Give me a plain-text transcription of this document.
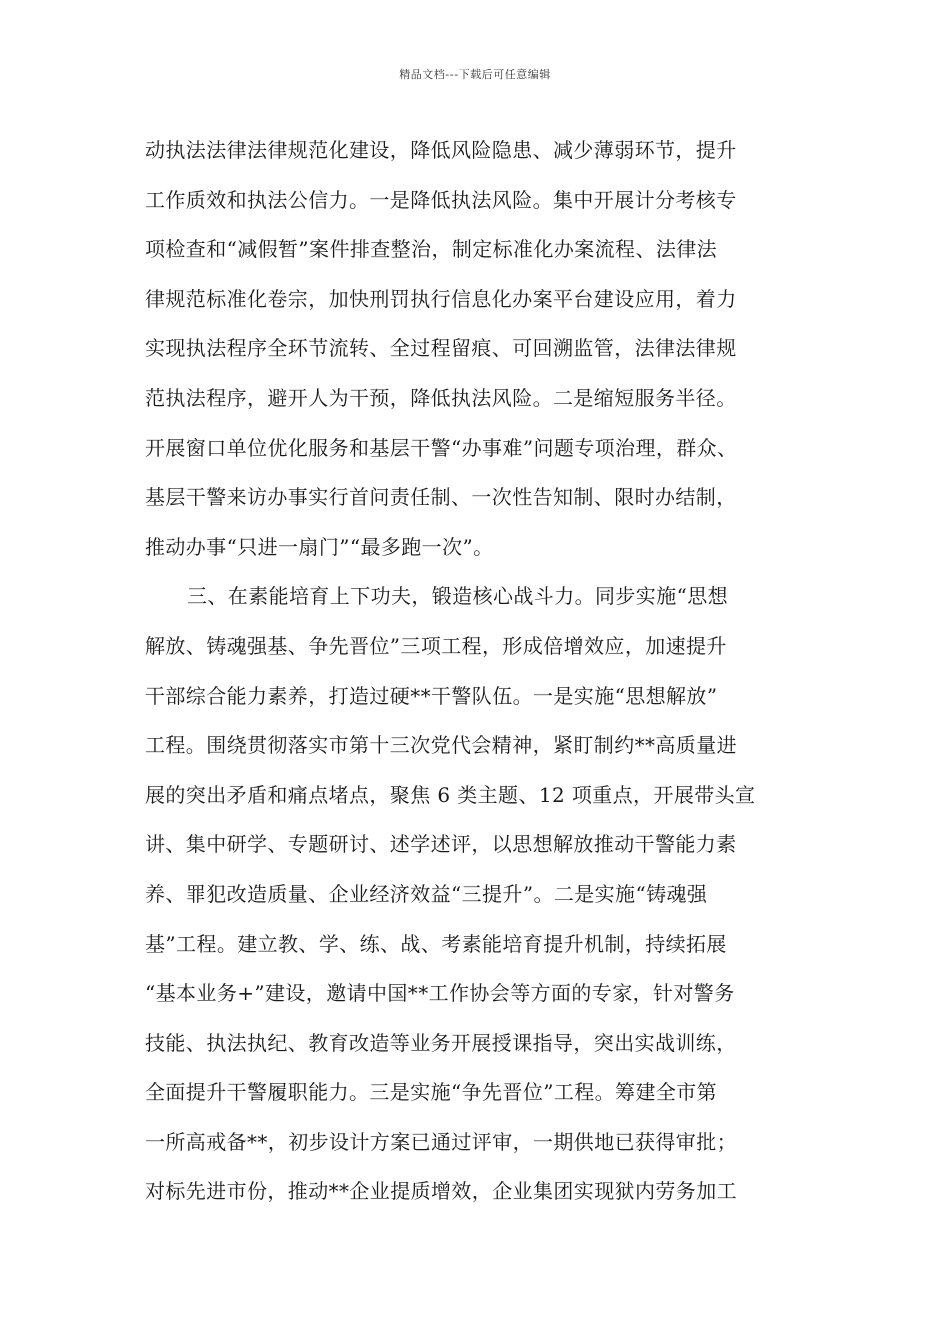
精品文档---下载后可任意编辑
动执法法律法律规范化建设，降低风险隐患、减少薄弱环节，提升
工作质效和执法公信力。一是降低执法风险。集中开展计分考核专
项检查和“减假暂”案件排查整治，制定标准化办案流程、法律法
律规范标准化卷宗，加快刑罚执行信息化办案平台建设应用，着力
实现执法程序全环节流转、全过程留痕、可回溯监管，法律法律规
范执法程序，避开人为干预，降低执法风险。二是缩短服务半径。
开展窗口单位优化服务和基层干警“办事难”问题专项治理，群众、
基层干警来访办事实行首问责任制、一次性告知制、限时办结制，
推动办事“只进一扇门”“最多跑一次”。
三、在素能培育上下功夫，锻造核心战斗力。同步实施“思想
解放、铸魂强基、争先晋位”三项工程，形成倍增效应，加速提升
干部综合能力素养，打造过硬**干警队伍。一是实施“思想解放”
工程。围绕贯彻落实市第十三次党代会精神，紧盯制约**高质量进
展的突出矛盾和痛点堵点，聚焦 6 类主题、12 项重点，开展带头宣
讲、集中研学、专题研讨、述学述评，以思想解放推动干警能力素
养、罪犯改造质量、企业经济效益“三提升”。二是实施“铸魂强
基”工程。建立教、学、练、战、考素能培育提升机制，持续拓展
“基本业务+”建设，邀请中国**工作协会等方面的专家，针对警务
技能、执法执纪、教育改造等业务开展授课指导，突出实战训练，
全面提升干警履职能力。三是实施“争先晋位”工程。筹建全市第
一所高戒备**，初步设计方案已通过评审，一期供地已获得审批；
对标先进市份，推动**企业提质增效，企业集团实现狱内劳务加工
